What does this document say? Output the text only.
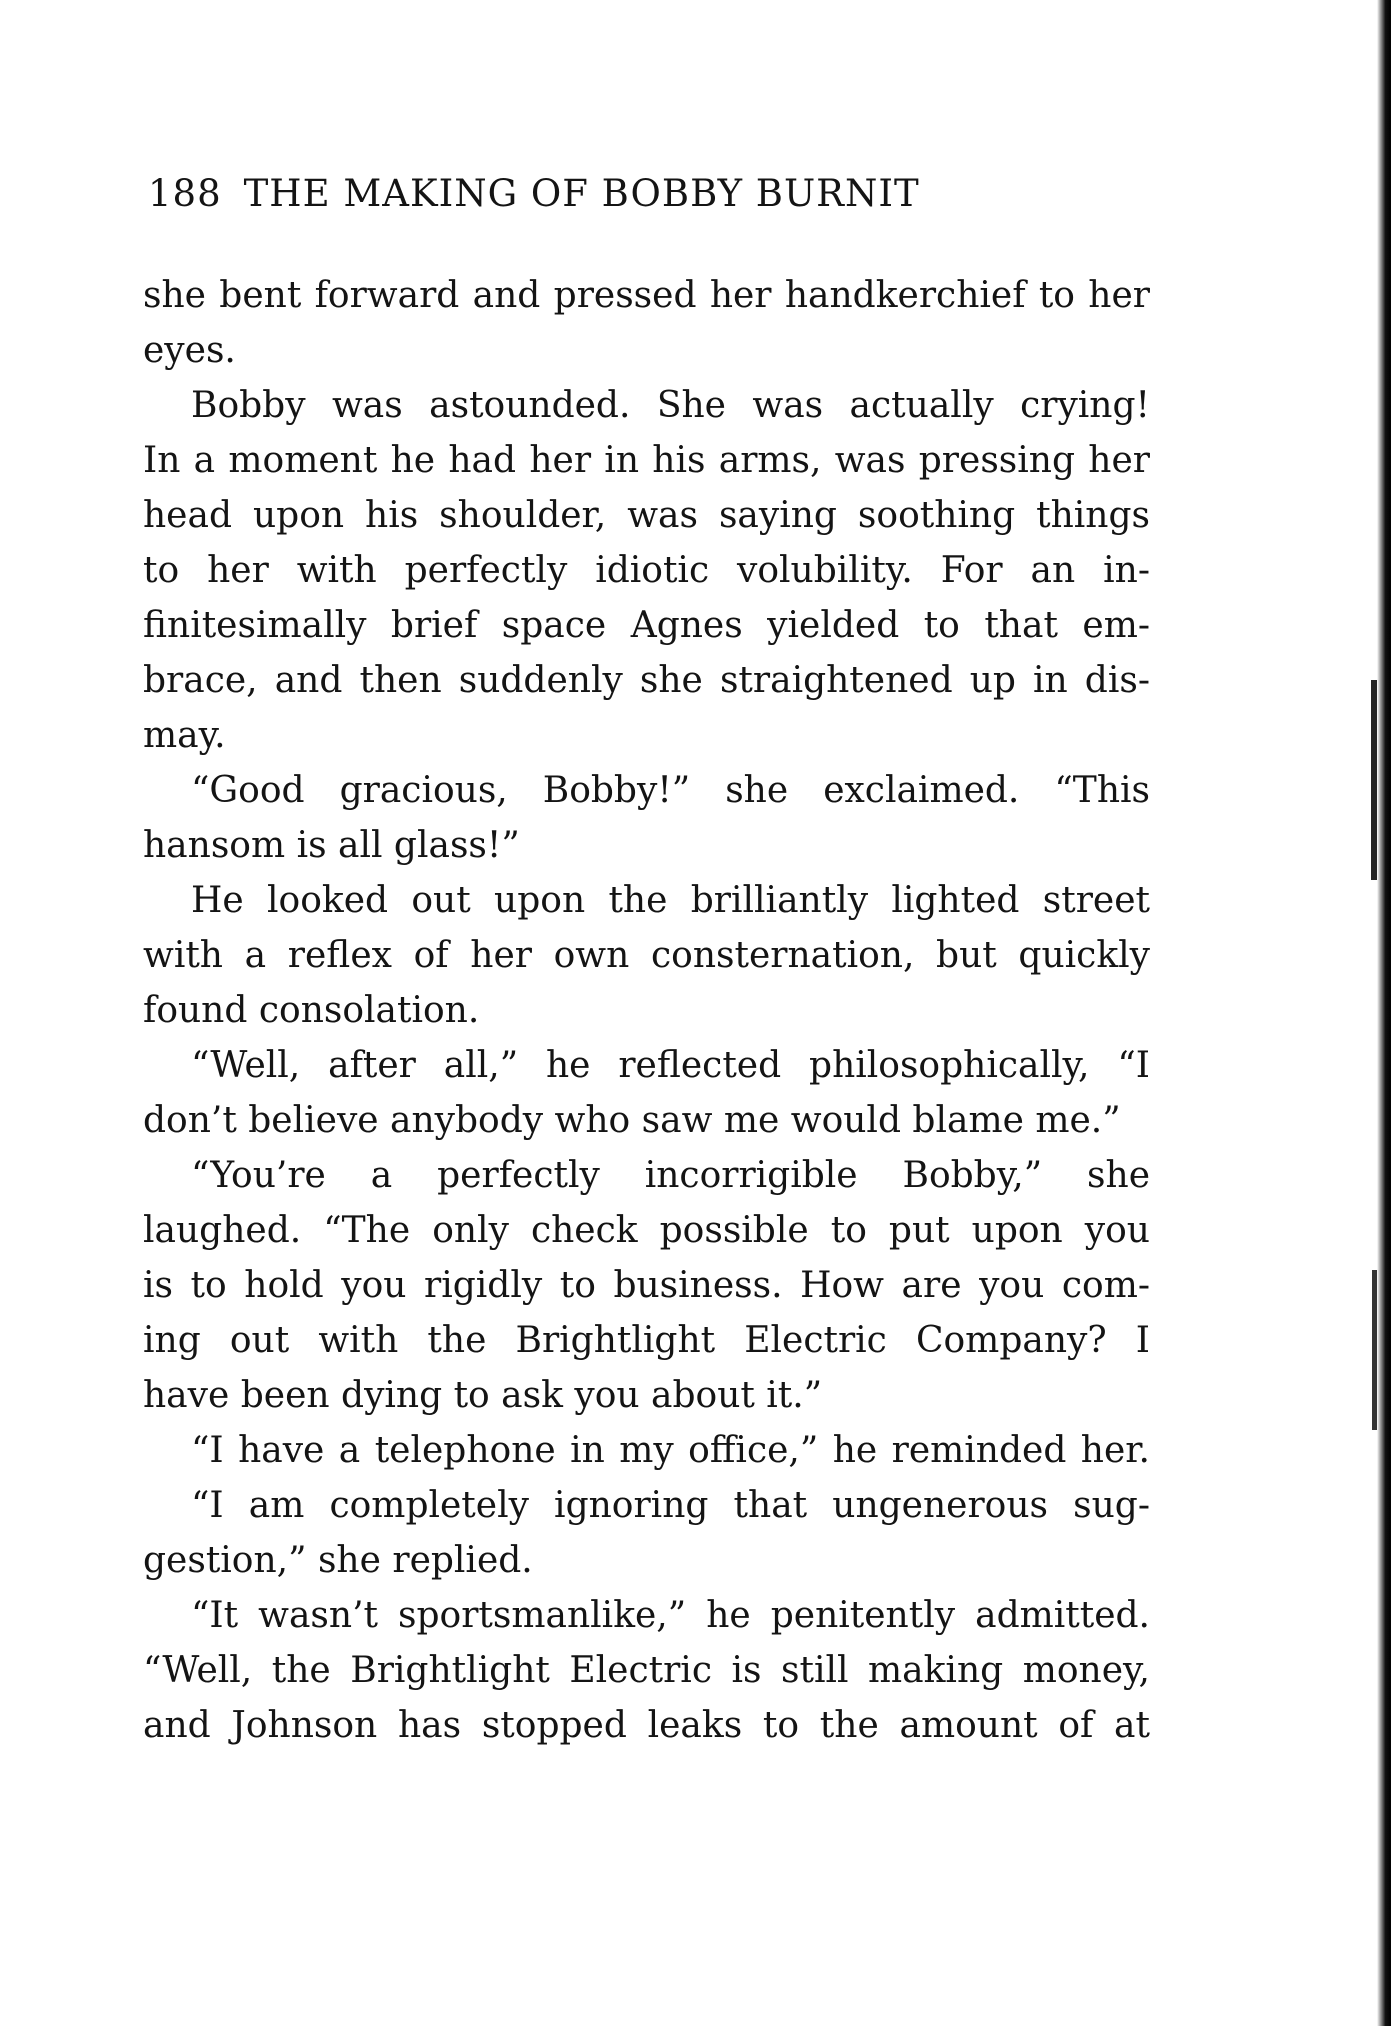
188 THE MAKING OF BOBBY BURNIT
she bent forward and pressed her handkerchief to her
eyes.
Bobby was astounded. She was actually crying!
In a moment he had her in his arms, was pressing her
head upon his shoulder, was saying soothing things
to her with perfectly idiotic volubility. For an in-
finitesimally brief space Agnes yielded to that em-
brace, and then suddenly she straightened up in dis-
may.
“Good gracious, Bobby!” she exclaimed. “This
hansom is all glass!”
He looked out upon the brilliantly lighted street
with a reflex of her own consternation, but quickly
found consolation.
“Well, after all,” he reflected philosophically, “I
don’t believe anybody who saw me would blame me.”
“You’re a perfectly incorrigible Bobby,” she
laughed. “The only check possible to put upon you
is to hold you rigidly to business. How are you com-
ing out with the Brightlight Electric Company? I
have been dying to ask you about it.”
“I have a telephone in my office,” he reminded her.
“I am completely ignoring that ungenerous sug-
gestion,” she replied.
“It wasn’t sportsmanlike,” he penitently admitted.
“Well, the Brightlight Electric is still making money,
and Johnson has stopped leaks to the amount of at
